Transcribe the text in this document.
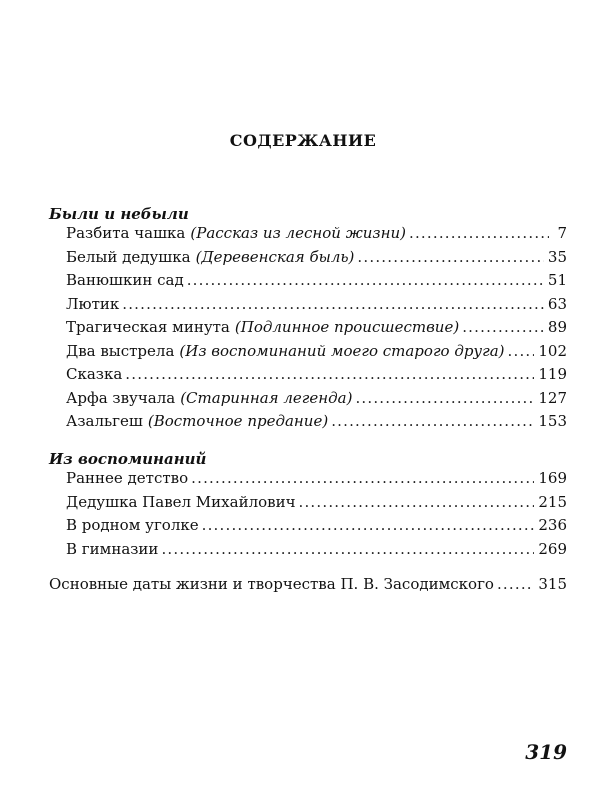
СОДЕРЖАНИЕ
Были и небыли
Разбита чашка (Рассказ из лесной жизни) .....	7
Белый дедушка (Деревенская быль) .....	35
Ванюшкин сад .....	51
Лютик .....	63
Трагическая минута (Подлинное происшествие) .....	89
Два выстрела (Из воспоминаний моего старого друга) ..... 102
Сказка .....	119
Арфа звучала (Старинная легенда) .....	127
Азальгеш (Восточное предание) .....	153
Из воспоминаний
Раннее детство .....	169
Дедушка Павел Михайлович .....	215
В родном уголке .....	236
В гимназии .....	269
Основные даты жизни и творчества П. В. Засодимского .....	315
319
